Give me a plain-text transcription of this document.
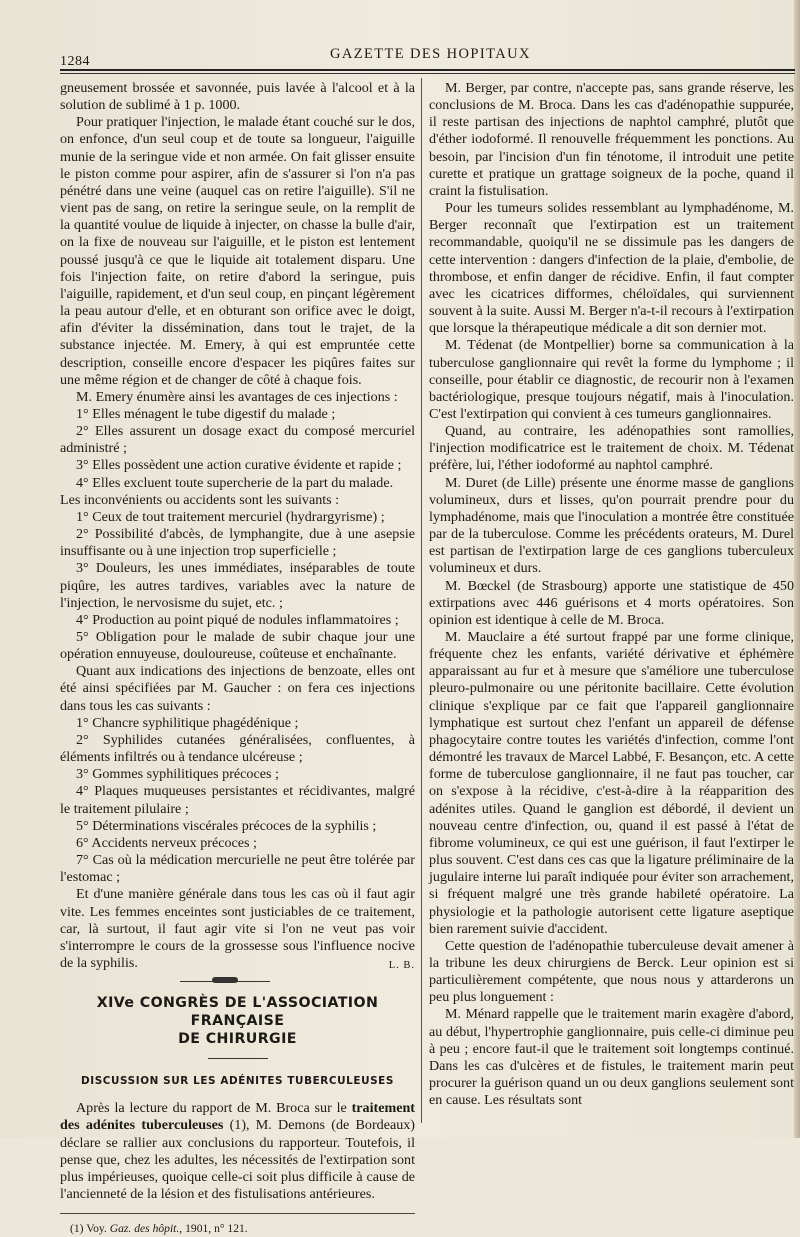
1284	GAZETTE DES HOPITAUX

gneusement brossée et savonnée, puis lavée à l'alcool et à la solution de sublimé à 1 p. 1000.

Pour pratiquer l'injection, le malade étant couché sur le dos, on enfonce, d'un seul coup et de toute sa longueur, l'aiguille munie de la seringue vide et non armée. On fait glisser ensuite le piston comme pour aspirer, afin de s'assurer si l'on n'a pas pénétré dans une veine (auquel cas on retire l'aiguille). S'il ne vient pas de sang, on retire la seringue seule, on la remplit de la quantité voulue de liquide à injecter, on chasse la bulle d'air, on la fixe de nouveau sur l'aiguille, et le piston est lentement poussé jusqu'à ce que le liquide ait totalement disparu. Une fois l'injection faite, on retire d'abord la seringue, puis l'aiguille, rapidement, et d'un seul coup, en pinçant légèrement la peau autour d'elle, et en obturant son orifice avec le doigt, afin d'éviter la dissémination, dans tout le trajet, de la substance injectée. M. Emery, à qui est empruntée cette description, conseille encore d'espacer les piqûres faites sur une même région et de changer de côté à chaque fois.

M. Emery énumère ainsi les avantages de ces injections :

1° Elles ménagent le tube digestif du malade ;

2° Elles assurent un dosage exact du composé mercuriel administré ;

3° Elles possèdent une action curative évidente et rapide ;

4° Elles excluent toute supercherie de la part du malade.

Les inconvénients ou accidents sont les suivants :

1° Ceux de tout traitement mercuriel (hydrargyrisme) ;

2° Possibilité d'abcès, de lymphangite, due à une asepsie insuffisante ou à une injection trop superficielle ;

3° Douleurs, les unes immédiates, inséparables de toute piqûre, les autres tardives, variables avec la nature de l'injection, le nervosisme du sujet, etc. ;

4° Production au point piqué de nodules inflammatoires ;

5° Obligation pour le malade de subir chaque jour une opération ennuyeuse, douloureuse, coûteuse et enchaînante.

Quant aux indications des injections de benzoate, elles ont été ainsi spécifiées par M. Gaucher : on fera ces injections dans tous les cas suivants :

1° Chancre syphilitique phagédénique ;

2° Syphilides cutanées généralisées, confluentes, à éléments infiltrés ou à tendance ulcéreuse ;

3° Gommes syphilitiques précoces ;

4° Plaques muqueuses persistantes et récidivantes, malgré le traitement pilulaire ;

5° Déterminations viscérales précoces de la syphilis ;

6° Accidents nerveux précoces ;

7° Cas où la médication mercurielle ne peut être tolérée par l'estomac ;

Et d'une manière générale dans tous les cas où il faut agir vite. Les femmes enceintes sont justiciables de ce traitement, car, là surtout, il faut agir vite si l'on ne veut pas voir s'interrompre le cours de la grossesse sous l'influence nocive de la syphilis.	L. B.

XIVe CONGRÈS DE L'ASSOCIATION FRANÇAISE
DE CHIRURGIE
DISCUSSION SUR LES ADÉNITES TUBERCULEUSES

Après la lecture du rapport de M. Broca sur le traitement des adénites tuberculeuses (1), M. Demons (de Bordeaux) déclare se rallier aux conclusions du rapporteur. Toutefois, il pense que, chez les adultes, les nécessités de l'extirpation sont plus impérieuses, quoique celle-ci soit plus difficile à cause de l'ancienneté de la lésion et des fistulisations antérieures.

(1) Voy. Gaz. des hôpit., 1901, n° 121.

M. Berger, par contre, n'accepte pas, sans grande réserve, les conclusions de M. Broca. Dans les cas d'adénopathie suppurée, il reste partisan des injections de naphtol camphré, plutôt que d'éther iodoformé. Il renouvelle fréquemment les ponctions. Au besoin, par l'incision d'un fin ténotome, il introduit une petite curette et pratique un grattage soigneux de la poche, quand il craint la fistulisation.

Pour les tumeurs solides ressemblant au lymphadénome, M. Berger reconnaît que l'extirpation est un traitement recommandable, quoiqu'il ne se dissimule pas les dangers de cette intervention : dangers d'infection de la plaie, d'embolie, de thrombose, et enfin danger de récidive. Enfin, il faut compter avec les cicatrices difformes, chéloïdales, qui surviennent souvent à la suite. Aussi M. Berger n'a-t-il recours à l'extirpation que lorsque la thérapeutique médicale a dit son dernier mot.

M. Tédenat (de Montpellier) borne sa communication à la tuberculose ganglionnaire qui revêt la forme du lymphome ; il conseille, pour établir ce diagnostic, de recourir non à l'examen bactériologique, presque toujours négatif, mais à l'inoculation. C'est l'extirpation qui convient à ces tumeurs ganglionnaires.

Quand, au contraire, les adénopathies sont ramollies, l'injection modificatrice est le traitement de choix. M. Tédenat préfère, lui, l'éther iodoformé au naphtol camphré.

M. Duret (de Lille) présente une énorme masse de ganglions volumineux, durs et lisses, qu'on pourrait prendre pour du lymphadénome, mais que l'inoculation a montrée être constituée par de la tuberculose. Comme les précédents orateurs, M. Durel est partisan de l'extirpation large de ces ganglions tuberculeux volumineux et durs.

M. Bœckel (de Strasbourg) apporte une statistique de 450 extirpations avec 446 guérisons et 4 morts opératoires. Son opinion est identique à celle de M. Broca.

M. Mauclaire a été surtout frappé par une forme clinique, fréquente chez les enfants, variété dérivative et éphémère apparaissant au fur et à mesure que s'améliore une tuberculose pleuro-pulmonaire ou une péritonite bacillaire. Cette évolution clinique s'explique par ce fait que l'appareil ganglionnaire lymphatique est surtout chez l'enfant un appareil de défense phagocytaire contre toutes les variétés d'infection, comme l'ont démontré les travaux de Marcel Labbé, F. Besançon, etc. A cette forme de tuberculose ganglionnaire, il ne faut pas toucher, car on s'expose à la récidive, c'est-à-dire à la réapparition des adénites utiles. Quand le ganglion est débordé, il devient un nouveau centre d'infection, ou, quand il est passé à l'état de fibrome volumineux, ce qui est une guérison, il faut l'extirper le plus souvent. C'est dans ces cas que la ligature préliminaire de la jugulaire interne lui paraît indiquée pour éviter son arrachement, si fréquent malgré une très grande habileté opératoire. La physiologie et la pathologie autorisent cette ligature aseptique bien rarement suivie d'accident.

Cette question de l'adénopathie tuberculeuse devait amener à la tribune les deux chirurgiens de Berck. Leur opinion est si particulièrement compétente, que nous nous y attarderons un peu plus longuement :

M. Ménard rappelle que le traitement marin exagère d'abord, au début, l'hypertrophie ganglionnaire, puis celle-ci diminue peu à peu ; encore faut-il que le traitement soit longtemps continué. Dans les cas d'ulcères et de fistules, le traitement marin peut procurer la guérison quand un ou deux ganglions seulement sont en cause. Les résultats sont
